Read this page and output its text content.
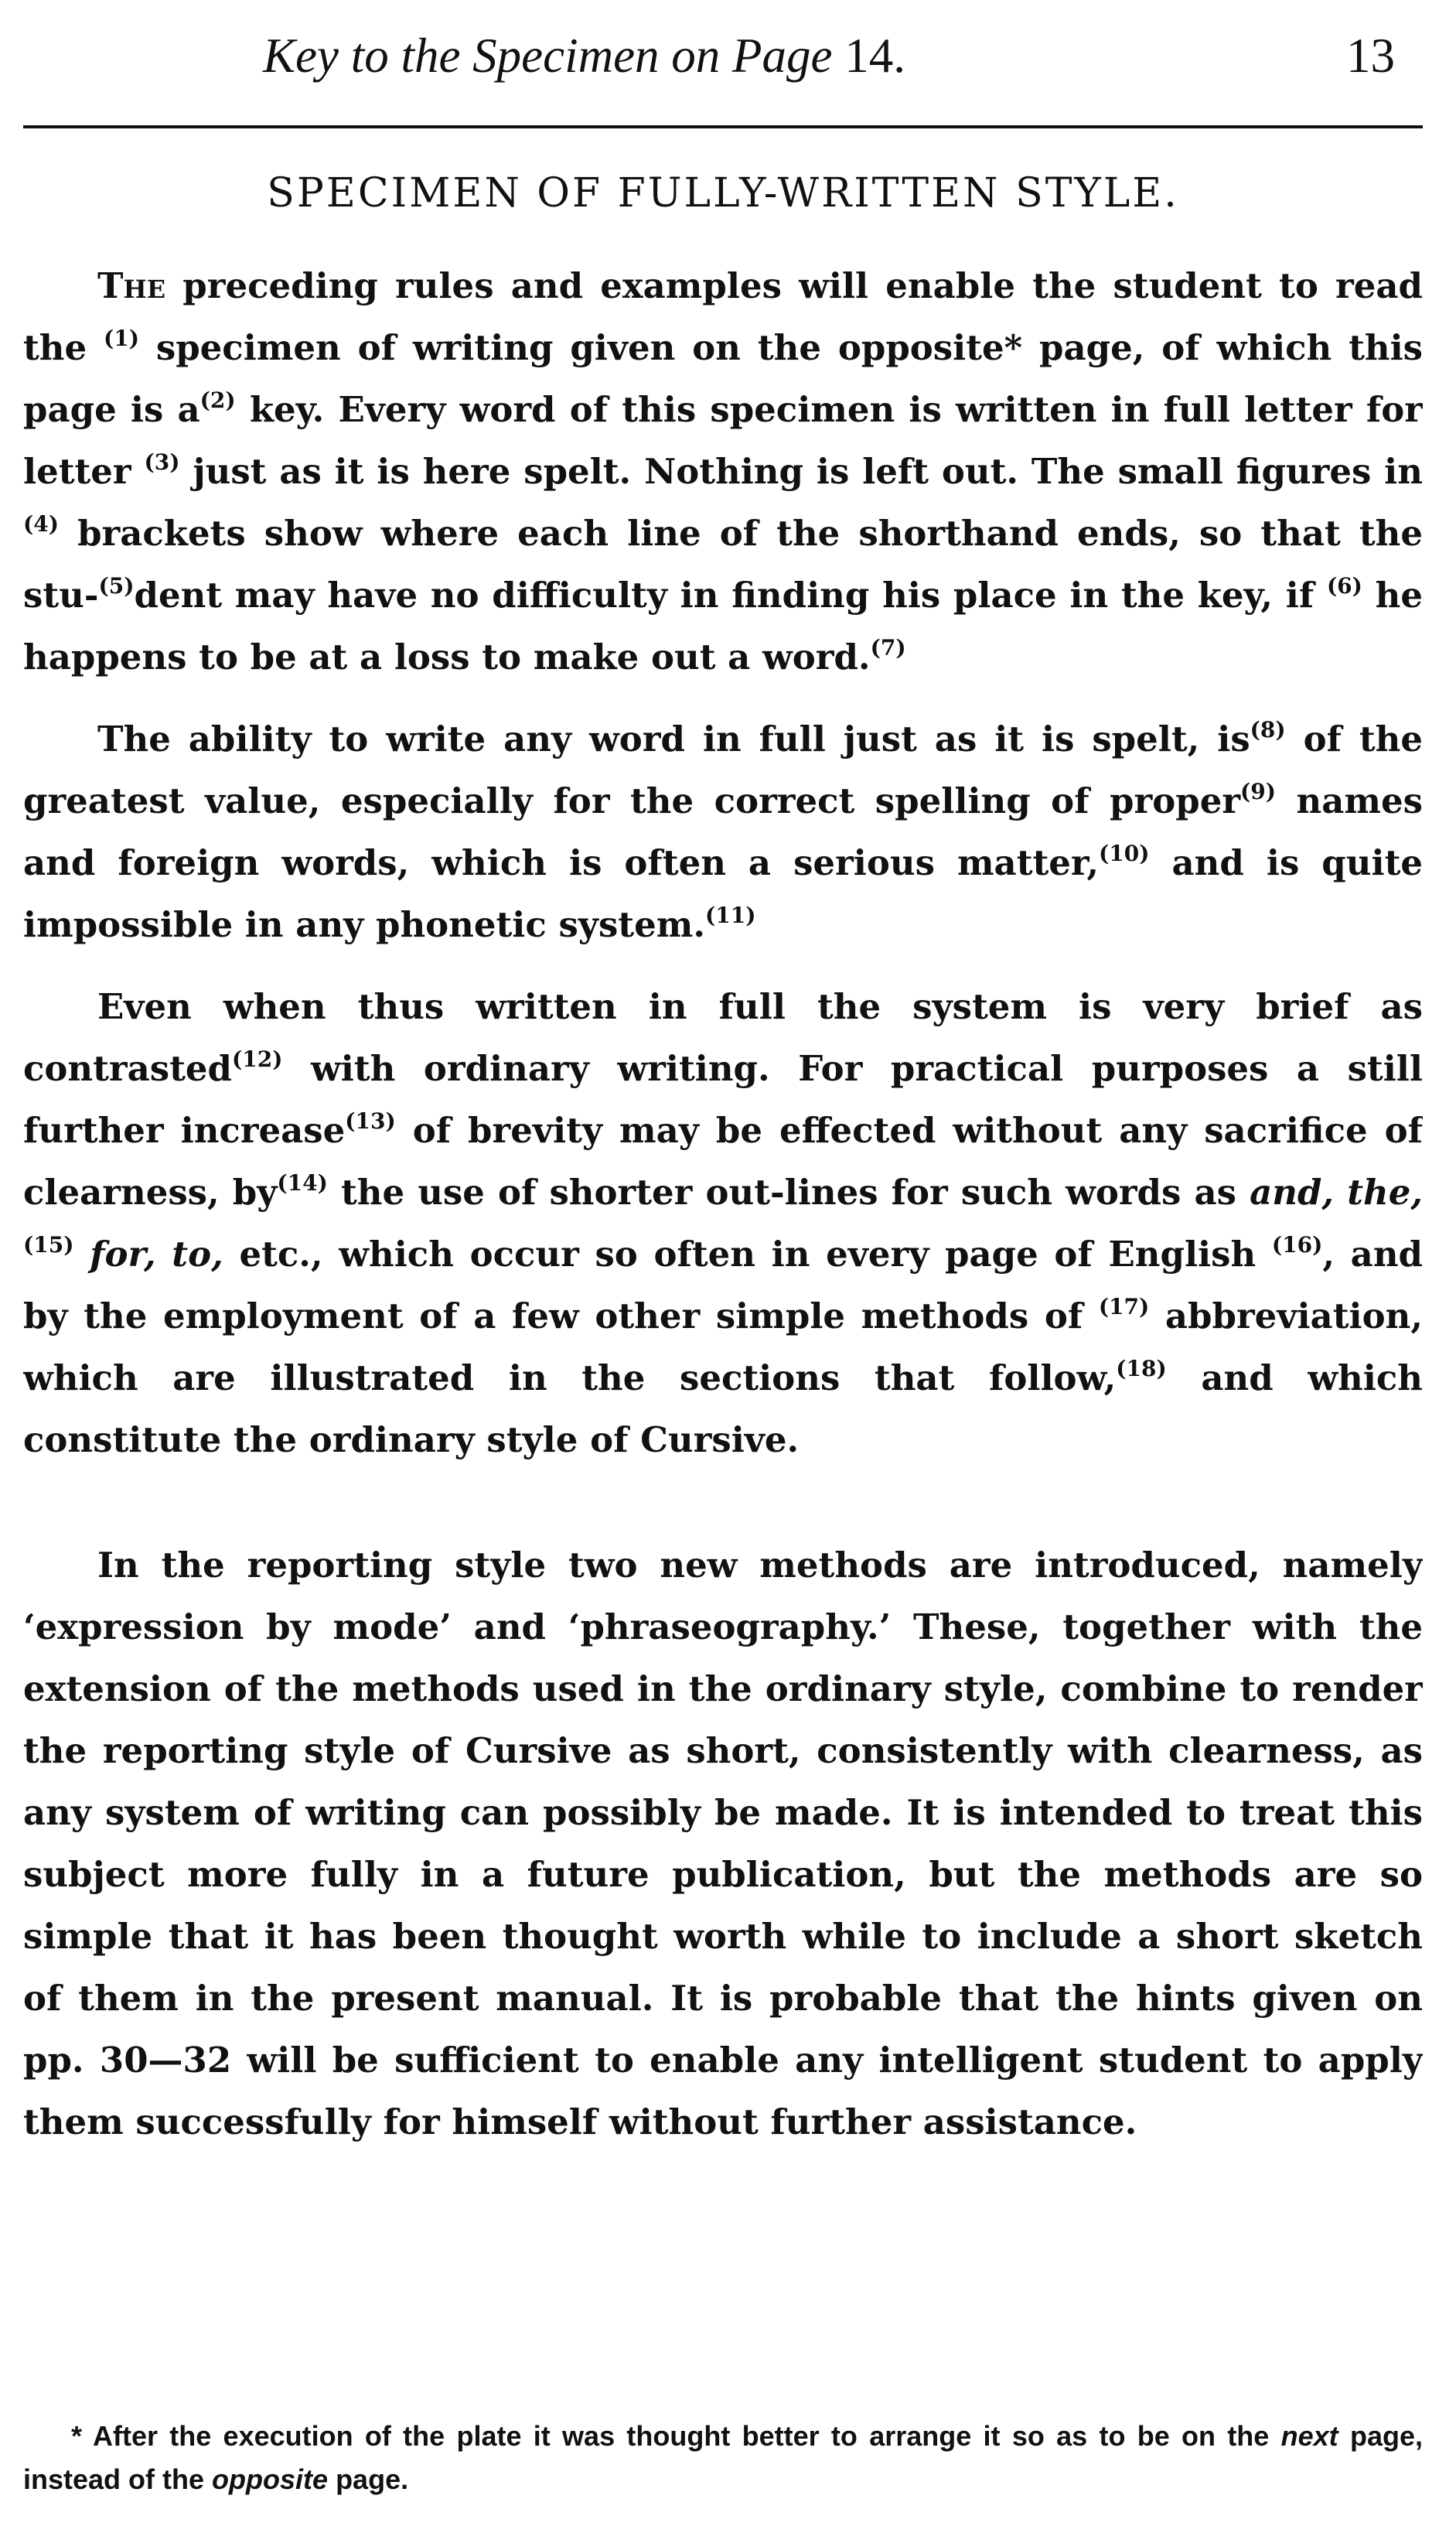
Key to the Specimen on Page 14.	13
SPECIMEN OF FULLY-WRITTEN STYLE.

The preceding rules and examples will enable the student to read the $^{(1)}$ specimen of writing given on the opposite* page, of which this page is a$^{(2)}$ key. Every word of this specimen is written in full letter for letter $^{(3)}$ just as it is here spelt. Nothing is left out. The small figures in $^{(4)}$ brackets show where each line of the shorthand ends, so that the stu-$^{(5)}$dent may have no difficulty in finding his place in the key, if $^{(6)}$ he happens to be at a loss to make out a word.$^{(7)}$

The ability to write any word in full just as it is spelt, is$^{(8)}$ of the greatest value, especially for the correct spelling of proper$^{(9)}$ names and foreign words, which is often a serious matter,$^{(10)}$ and is quite impossible in any phonetic system.$^{(11)}$

Even when thus written in full the system is very brief as contrasted$^{(12)}$ with ordinary writing. For practical purposes a still further increase$^{(13)}$ of brevity may be effected without any sacrifice of clearness, by$^{(14)}$ the use of shorter out-lines for such words as and, the,$^{(15)}$ for, to, etc., which occur so often in every page of English $^{(16)}$, and by the employment of a few other simple methods of $^{(17)}$ abbreviation, which are illustrated in the sections that follow,$^{(18)}$ and which constitute the ordinary style of Cursive.

In the reporting style two new methods are introduced, namely ‘expression by mode’ and ‘phraseography.’ These, together with the extension of the methods used in the ordinary style, combine to render the reporting style of Cursive as short, consistently with clearness, as any system of writing can possibly be made. It is intended to treat this subject more fully in a future publication, but the methods are so simple that it has been thought worth while to include a short sketch of them in the present manual. It is probable that the hints given on pp. 30—32 will be sufficient to enable any intelligent student to apply them successfully for himself without further assistance.

* After the execution of the plate it was thought better to arrange it so as to be on the next page, instead of the opposite page.
